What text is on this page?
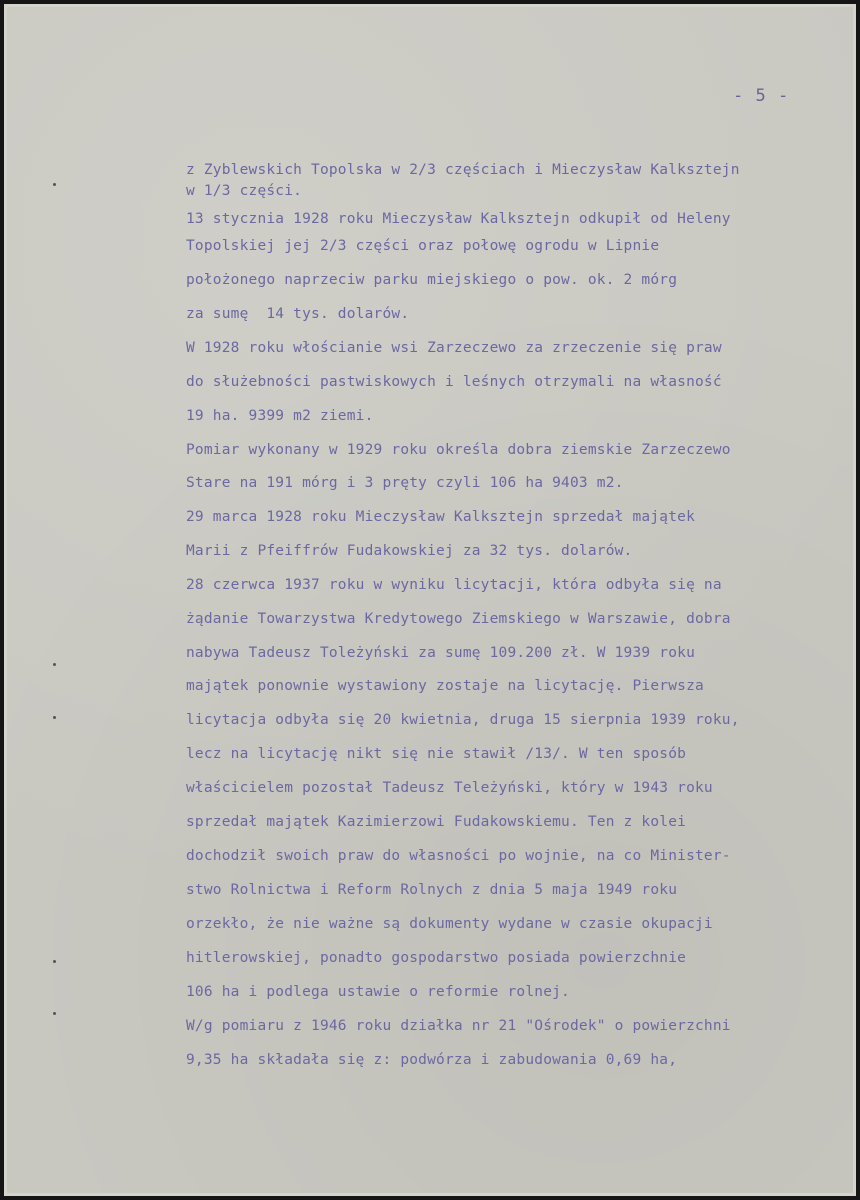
- 5 -
z Zyblewskich Topolska w 2/3 częściach i Mieczysław Kalksztejn
w 1/3 części.
13 stycznia 1928 roku Mieczysław Kalksztejn odkupił od Heleny
Topolskiej jej 2/3 części oraz połowę ogrodu w Lipnie
położonego naprzeciw parku miejskiego o pow. ok. 2 mórg
za sumę  14 tys. dolarów.
W 1928 roku włościanie wsi Zarzeczewo za zrzeczenie się praw
do służebności pastwiskowych i leśnych otrzymali na własność
19 ha. 9399 m2 ziemi.
Pomiar wykonany w 1929 roku określa dobra ziemskie Zarzeczewo
Stare na 191 mórg i 3 pręty czyli 106 ha 9403 m2.
29 marca 1928 roku Mieczysław Kalksztejn sprzedał majątek
Marii z Pfeiffrów Fudakowskiej za 32 tys. dolarów.
28 czerwca 1937 roku w wyniku licytacji, która odbyła się na
żądanie Towarzystwa Kredytowego Ziemskiego w Warszawie, dobra
nabywa Tadeusz Toleżyński za sumę 109.200 zł. W 1939 roku
majątek ponownie wystawiony zostaje na licytację. Pierwsza
licytacja odbyła się 20 kwietnia, druga 15 sierpnia 1939 roku,
lecz na licytację nikt się nie stawił /13/. W ten sposób
właścicielem pozostał Tadeusz Teleżyński, który w 1943 roku
sprzedał majątek Kazimierzowi Fudakowskiemu. Ten z kolei
dochodził swoich praw do własności po wojnie, na co Minister-
stwo Rolnictwa i Reform Rolnych z dnia 5 maja 1949 roku
orzekło, że nie ważne są dokumenty wydane w czasie okupacji
hitlerowskiej, ponadto gospodarstwo posiada powierzchnie
106 ha i podlega ustawie o reformie rolnej.
W/g pomiaru z 1946 roku działka nr 21 "Ośrodek" o powierzchni
9,35 ha składała się z: podwórza i zabudowania 0,69 ha,
